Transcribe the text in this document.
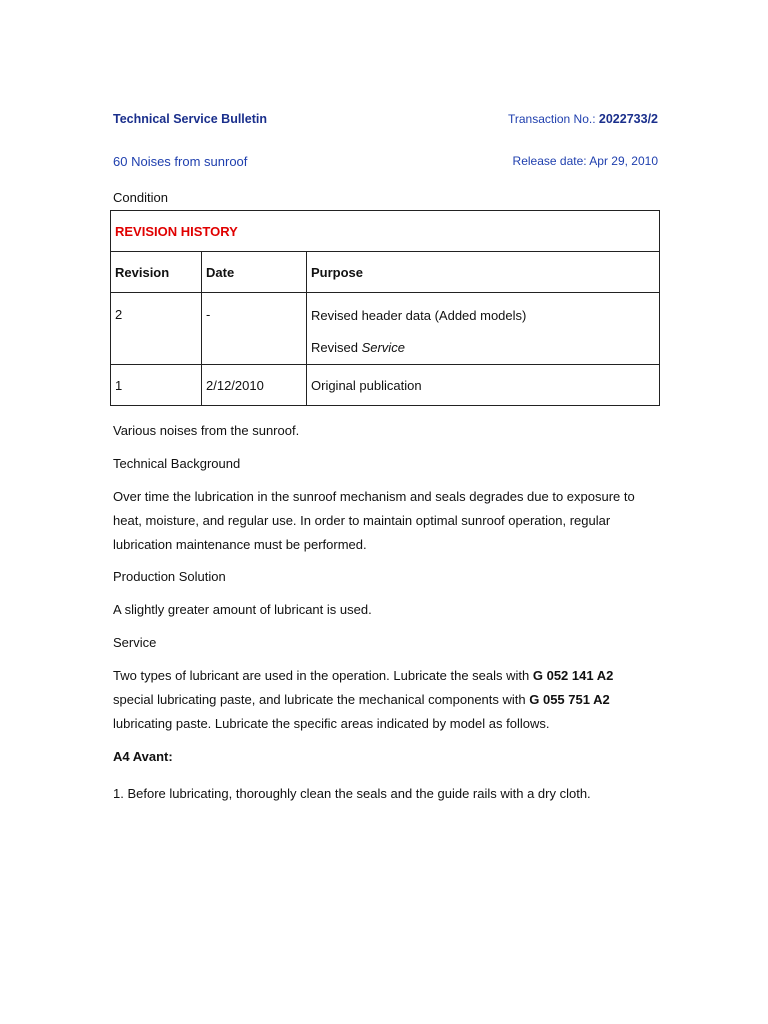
Technical Service Bulletin	Transaction No.: 2022733/2
60 Noises from sunroof	Release date: Apr 29, 2010
Condition
REVISION HISTORY		
Revision	Date	Purpose
2	-	Revised header data (Added models)
Revised Service

1	2/12/2010	Original publication
Various noises from the sunroof.
Technical Background
Over time the lubrication in the sunroof mechanism and seals degrades due to exposure to
heat, moisture, and regular use. In order to maintain optimal sunroof operation, regular
lubrication maintenance must be performed.
Production Solution
A slightly greater amount of lubricant is used.
Service
Two types of lubricant are used in the operation. Lubricate the seals with G 052 141 A2
special lubricating paste, and lubricate the mechanical components with G 055 751 A2
lubricating paste. Lubricate the specific areas indicated by model as follows.
A4 Avant:
1. Before lubricating, thoroughly clean the seals and the guide rails with a dry cloth.
